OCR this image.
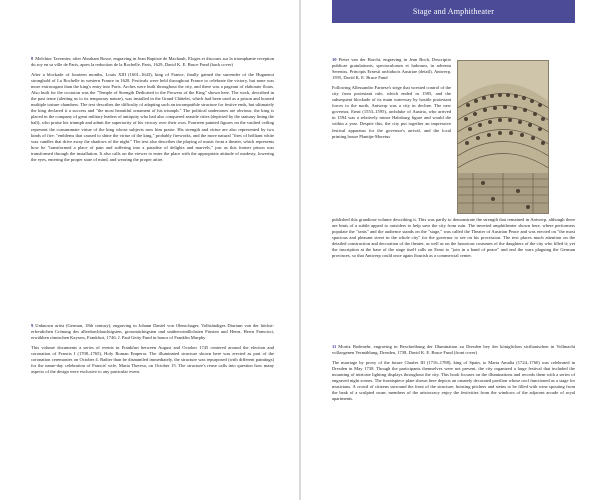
8 Melchior Tavernier, after Abraham Bosse, engraving in Jean Baptiste de Machault, Eloges et discours sur la triomphante reception du roy en sa ville de Paris, apres la reduction de la Rochelle, Paris, 1629, David K. E. Bruce Fund (back cover)

After a blockade of fourteen months, Louis XIII (1601–1643), king of France, finally gained the surrender of the Huguenot stronghold of La Rochelle in western France in 1628. Festivals were held throughout France to celebrate the victory, but none was more extravagant than the king's entry into Paris. Arches were built throughout the city, and there was a pageant of elaborate floats. Also built for the occasion was the "Temple of Strength Dedicated to the Prowess of the King" shown here. The work, described in the past tense (alerting us to its temporary nature), was installed in the Grand Châtelet, which had been used as a prison and housed multiple torture chambers. The text describes the difficulty of adapting such an incompatible structure for festive ends, but ultimately the king declared it a success and "the most beautiful ornament of his triumph." The political undertones are obvious: the king is placed in the company of great military leaders of antiquity who had also conquered seaside cities (depicted by the statuary lining the hall), who praise his triumph and admit the superiority of his victory over their own. Fourteen painted figures on the vaulted ceiling represent the consummate virtue of the king whose subjects now him praise. His strength and virtue are also represented by two kinds of fire: "emblems that caused to shine the virtue of the king," probably fireworks, and the more natural "fires of brilliant white wax candles that drive away the shadows of the night." The text also describes the playing of music from a theater, which represents how he "transformed a place of pain and suffering into a paradise of delights and marvels," just as this former prison was transformed through the installation. It also calls on the viewer to enter the place with the appropriate attitude of modesty, lowering the eyes, entering the proper state of mind, and wearing the proper attire.

9 Unknown artist (German, 18th century), engraving in Johann Daniel von Olenschager, Vollständiges Diarium von der höchst-erfreulichen Crönung des allerdurchlauchtigsten, grossmächtigsten und unüberwindlichsten Fürsten und Herrn, Herrn Francisci, erwählten römischen Kaysers, Frankfurt, 1746, J. Paul Getty Fund in honor of Franklin Murphy

This volume documents a series of events in Frankfurt between August and October 1745 centered around the election and coronation of Francis I (1708–1765), Holy Roman Emperor. The illuminated structure shown here was erected as part of the coronation ceremonies on October 4. Rather than be dismantled immediately, the structure was repurposed (with different paintings) for the name-day celebration of Francis' wife, Maria Theresa, on October 15. The structure's reuse calls into question how many aspects of the design were exclusive to any particular event.

Stage and Amphitheater

10 Pieter van der Borcht, engraving in Jean Boch, Descriptio publicae gratulationis, spectaculorum et ludorum, in adventu Sereniss. Principis Ernesti archiducis Austriae (detail), Antwerp, 1595, David K. E. Bruce Fund

Following Allessandro Farnese's siege that wrested control of the city from protestant rule, which ended in 1585, and the subsequent blockade of its main waterway by hostile protestant forces to the north, Antwerp was a city in decline. The new governor, Ernst (1553–1595), archduke of Austria, who arrived in 1594 was a relatively minor Habsburg figure and would die within a year. Despite this, the city put together an impressive festival apparatus for the governor's arrival, and the local printing house Plantijn-Moretus

published this grandiose volume describing it. This was partly to demonstrate the strength that remained in Antwerp, although there are hints of a subtle appeal to outsiders to help save the city from ruin. The inverted amphitheater shown here, where performers populate the "seats" and the audience stands on the "stage," was called the Theater of Austrian Peace and was erected on "the most spacious and pleasant street in the whole city" for the governor to see on his procession. The text places much attention on the detailed construction and decoration of the theater, as well as on the luxurious costumes of the daughters of the city who filled it; yet the inscription at the base of the stage itself calls on Ernst to "join in a band of peace" and end the wars plaguing the German provinces, so that Antwerp could once again flourish as a commercial center.

11 Moritz Bodenehr, engraving in Beschreibung der Illumination zu Dresden bey der königlichen sicilianischen in Vollmacht vollzogenen Vermählung, Dresden, 1738, David K. E. Bruce Fund (front cover)

The marriage by proxy of the future Charles III (1716–1788), king of Spain, to Maria Amalia (1724–1760) was celebrated in Dresden in May 1738. Though the participants themselves were not present, the city organized a large festival that included the mounting of intricate lighting displays throughout the city. This book focuses on the illuminations and records them with a series of engraved night scenes. The frontispiece plate shown here depicts an ornately decorated pavilion whose roof functioned as a stage for musicians. A crowd of citizens surround the front of the structure, hoisting pitchers and steins to be filled with wine spouting from the beak of a sculpted swan; members of the aristocracy enjoy the festivities from the windows of the adjacent arcade of royal apartments.
